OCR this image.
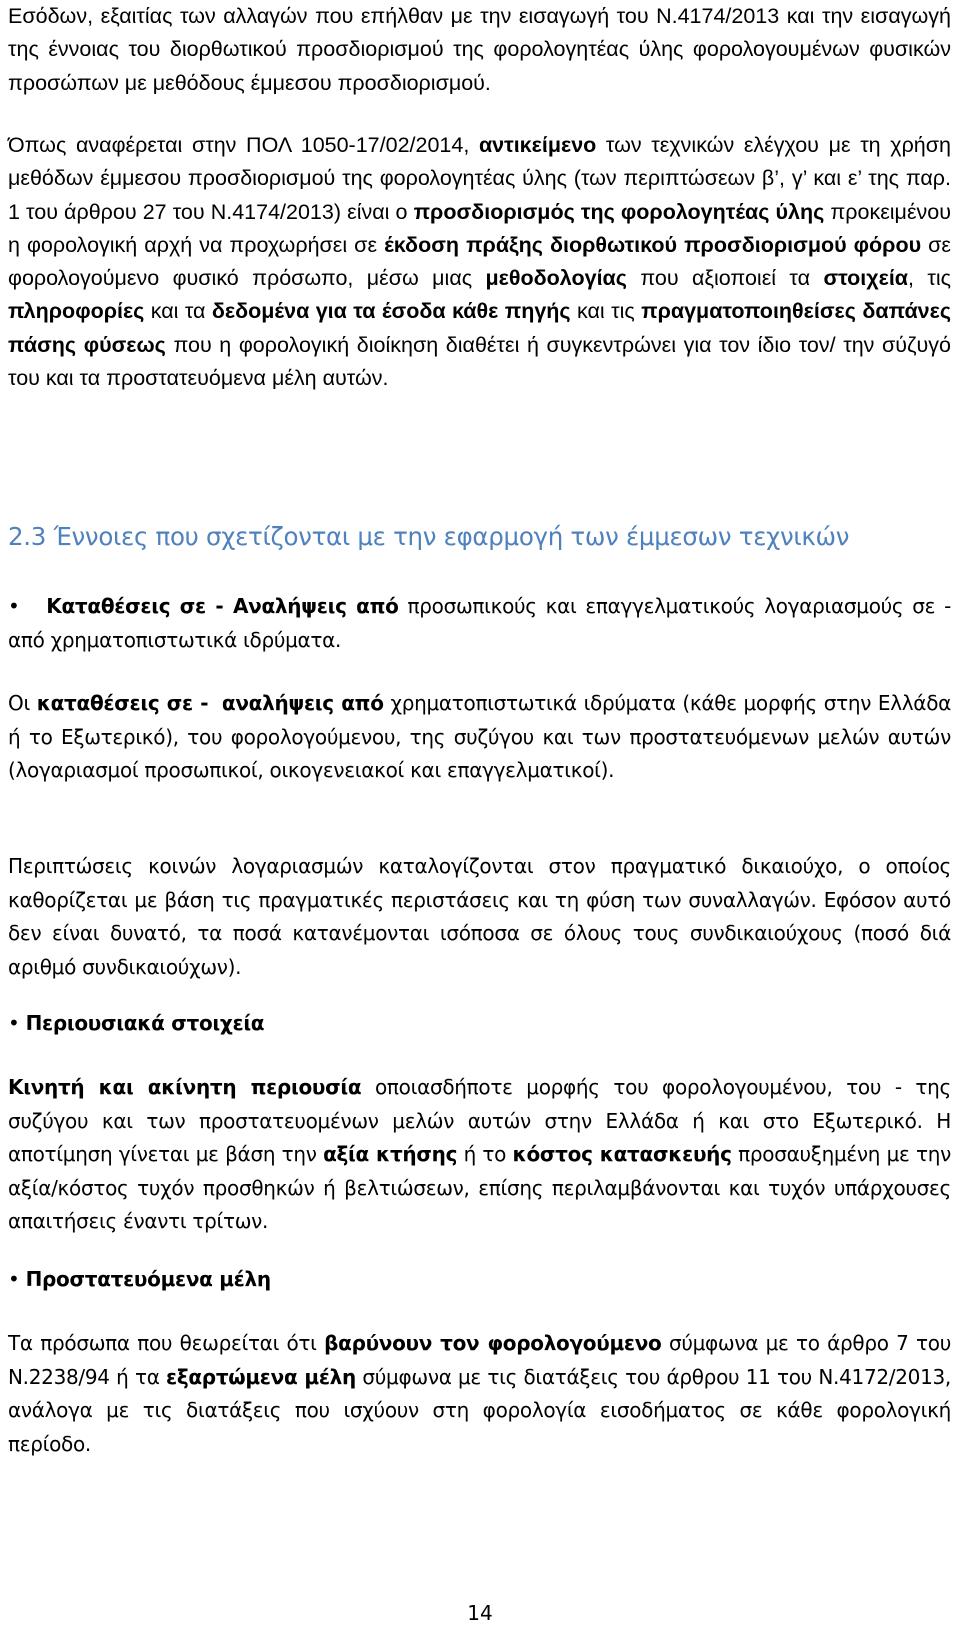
Εσόδων, εξαιτίας των αλλαγών που επήλθαν με την εισαγωγή του Ν.4174/2013 και την εισαγωγή της έννοιας του διορθωτικού προσδιορισμού της φορολογητέας ύλης φορολογουμένων φυσικών προσώπων με μεθόδους έμμεσου προσδιορισμού.

Όπως αναφέρεται στην ΠΟΛ 1050-17/02/2014, αντικείμενο των τεχνικών ελέγχου με τη χρήση μεθόδων έμμεσου προσδιορισμού της φορολογητέας ύλης (των περιπτώσεων β’, γ’ και ε’ της παρ. 1 του άρθρου 27 του Ν.4174/2013) είναι ο προσδιορισμός της φορολογητέας ύλης προκειμένου η φορολογική αρχή να προχωρήσει σε έκδοση πράξης διορθωτικού προσδιορισμού φόρου σε φορολογούμενο φυσικό πρόσωπο, μέσω μιας μεθοδολογίας που αξιοποιεί τα στοιχεία, τις πληροφορίες και τα δεδομένα για τα έσοδα κάθε πηγής και τις πραγματοποιηθείσες δαπάνες πάσης φύσεως που η φορολογική διοίκηση διαθέτει ή συγκεντρώνει για τον ίδιο τον/ την σύζυγό του και τα προστατευόμενα μέλη αυτών.

2.3 Έννοιες που σχετίζονται με την εφαρμογή των έμμεσων τεχνικών

• Καταθέσεις σε - Αναλήψεις από προσωπικούς και επαγγελματικούς λογαριασμούς σε - από χρηματοπιστωτικά ιδρύματα.

Οι καταθέσεις σε - αναλήψεις από χρηματοπιστωτικά ιδρύματα (κάθε μορφής στην Ελλάδα ή το Εξωτερικό), του φορολογούμενου, της συζύγου και των προστατευόμενων μελών αυτών (λογαριασμοί προσωπικοί, οικογενειακοί και επαγγελματικοί).

Περιπτώσεις κοινών λογαριασμών καταλογίζονται στον πραγματικό δικαιούχο, ο οποίος καθορίζεται με βάση τις πραγματικές περιστάσεις και τη φύση των συναλλαγών. Εφόσον αυτό δεν είναι δυνατό, τα ποσά κατανέμονται ισόποσα σε όλους τους συνδικαιούχους (ποσό διά αριθμό συνδικαιούχων).

• Περιουσιακά στοιχεία

Κινητή και ακίνητη περιουσία οποιασδήποτε μορφής του φορολογουμένου, του - της συζύγου και των προστατευομένων μελών αυτών στην Ελλάδα ή και στο Εξωτερικό. Η αποτίμηση γίνεται με βάση την αξία κτήσης ή το κόστος κατασκευής προσαυξημένη με την αξία/κόστος τυχόν προσθηκών ή βελτιώσεων, επίσης περιλαμβάνονται και τυχόν υπάρχουσες απαιτήσεις έναντι τρίτων.

• Προστατευόμενα μέλη

Τα πρόσωπα που θεωρείται ότι βαρύνουν τον φορολογούμενο σύμφωνα με το άρθρο 7 του Ν.2238/94 ή τα εξαρτώμενα μέλη σύμφωνα με τις διατάξεις του άρθρου 11 του Ν.4172/2013, ανάλογα με τις διατάξεις που ισχύουν στη φορολογία εισοδήματος σε κάθε φορολογική περίοδο.

14
